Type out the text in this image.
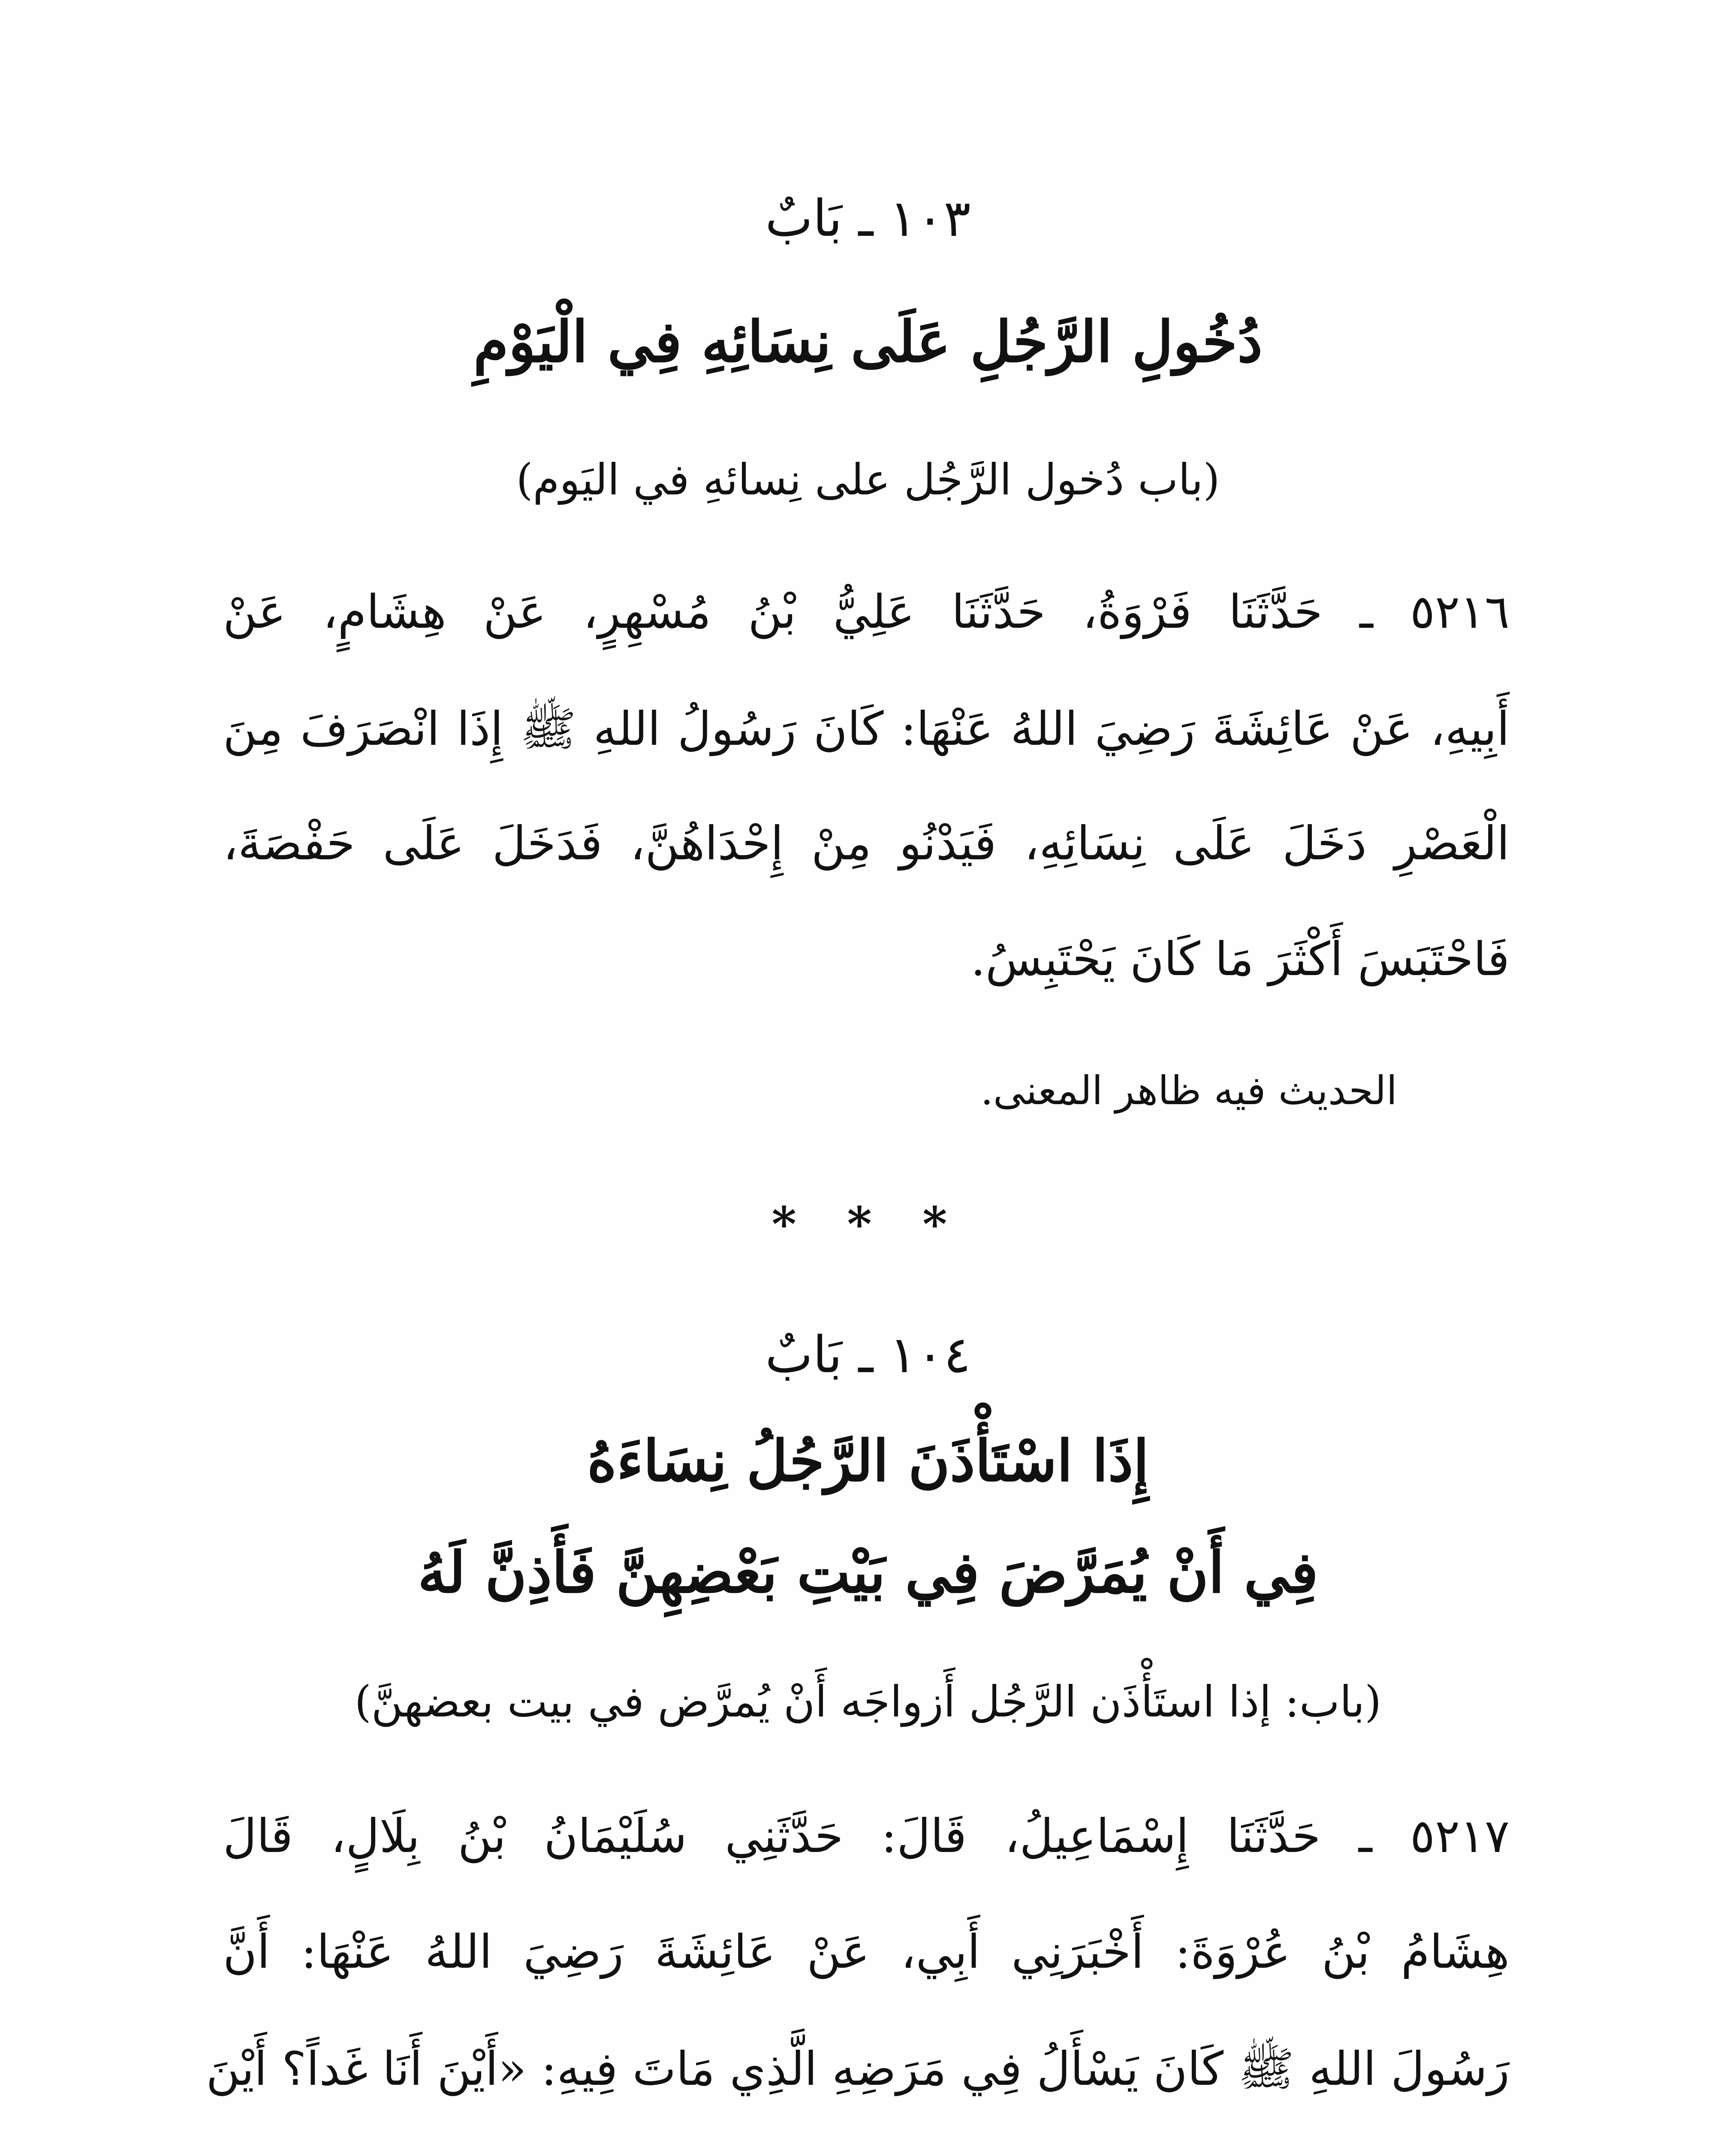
١٠٣ ـ بَابٌ
دُخُولِ الرَّجُلِ عَلَى نِسَائِهِ فِي الْيَوْمِ
(باب دُخول الرَّجُل على نِسائهِ في اليَوم)
٥٢١٦ ـ حَدَّثَنَا فَرْوَةُ، حَدَّثَنَا عَلِيُّ بْنُ مُسْهِرٍ، عَنْ هِشَامٍ، عَنْ
أَبِيهِ، عَنْ عَائِشَةَ رَضِيَ اللهُ عَنْهَا: كَانَ رَسُولُ اللهِ ﷺ إِذَا انْصَرَفَ مِنَ
الْعَصْرِ دَخَلَ عَلَى نِسَائِهِ، فَيَدْنُو مِنْ إِحْدَاهُنَّ، فَدَخَلَ عَلَى حَفْصَةَ،
فَاحْتَبَسَ أَكْثَرَ مَا كَانَ يَحْتَبِسُ.
الحديث فيه ظاهر المعنى.
* * *
١٠٤ ـ بَابٌ
إِذَا اسْتَأْذَنَ الرَّجُلُ نِسَاءَهُ
فِي أَنْ يُمَرَّضَ فِي بَيْتِ بَعْضِهِنَّ فَأَذِنَّ لَهُ
(باب: إذا استَأْذَن الرَّجُل أَزواجَه أَنْ يُمرَّض في بيت بعضهنَّ)
٥٢١٧ ـ حَدَّثَنَا إِسْمَاعِيلُ، قَالَ: حَدَّثَنِي سُلَيْمَانُ بْنُ بِلَالٍ، قَالَ
هِشَامُ بْنُ عُرْوَةَ: أَخْبَرَنِي أَبِي، عَنْ عَائِشَةَ رَضِيَ اللهُ عَنْهَا: أَنَّ
رَسُولَ اللهِ ﷺ كَانَ يَسْأَلُ فِي مَرَضِهِ الَّذِي مَاتَ فِيهِ: «أَيْنَ أَنَا غَداً؟ أَيْنَ
